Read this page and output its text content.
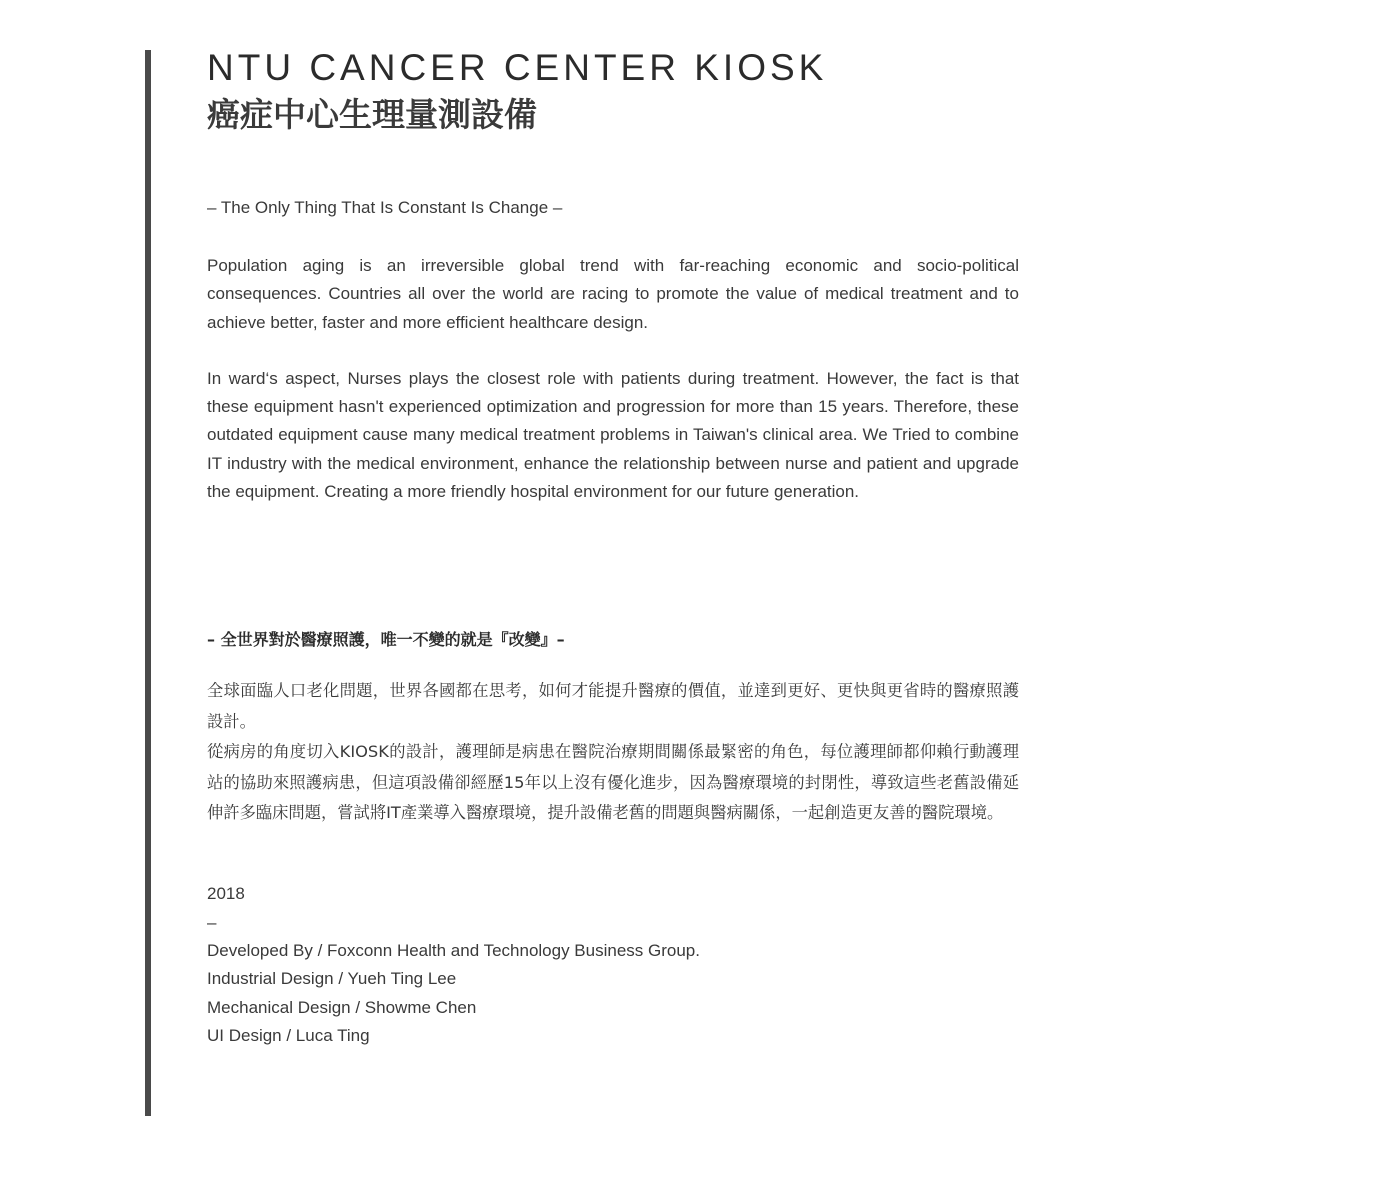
NTU CANCER CENTER KIOSK
癌症中心生理量測設備

– The Only Thing That Is Constant Is Change –

Population aging is an irreversible global trend with far-reaching economic and socio-political consequences. Countries all over the world are racing to promote the value of medical treatment and to achieve better, faster and more efficient healthcare design.

In ward‘s aspect, Nurses plays the closest role with patients during treatment. However, the fact is that these equipment hasn't experienced optimization and progression for more than 15 years. Therefore, these outdated equipment cause many medical treatment problems in Taiwan's clinical area. We Tried to combine IT industry with the medical environment, enhance the relationship between nurse and patient and upgrade the equipment. Creating a more friendly hospital environment for our future generation.

– 全世界對於醫療照護，唯一不變的就是『改變』–

全球面臨人口老化問題，世界各國都在思考，如何才能提升醫療的價值，並達到更好、更快與更省時的醫療照護設計。

從病房的角度切入KIOSK的設計，護理師是病患在醫院治療期間關係最緊密的角色，每位護理師都仰賴行動護理站的協助來照護病患，但這項設備卻經歷15年以上沒有優化進步，因為醫療環境的封閉性，導致這些老舊設備延伸許多臨床問題，嘗試將IT產業導入醫療環境，提升設備老舊的問題與醫病關係，一起創造更友善的醫院環境。

2018
–
Developed By / Foxconn Health and Technology Business Group.
Industrial Design / Yueh Ting Lee
Mechanical Design / Showme Chen
UI Design / Luca Ting
